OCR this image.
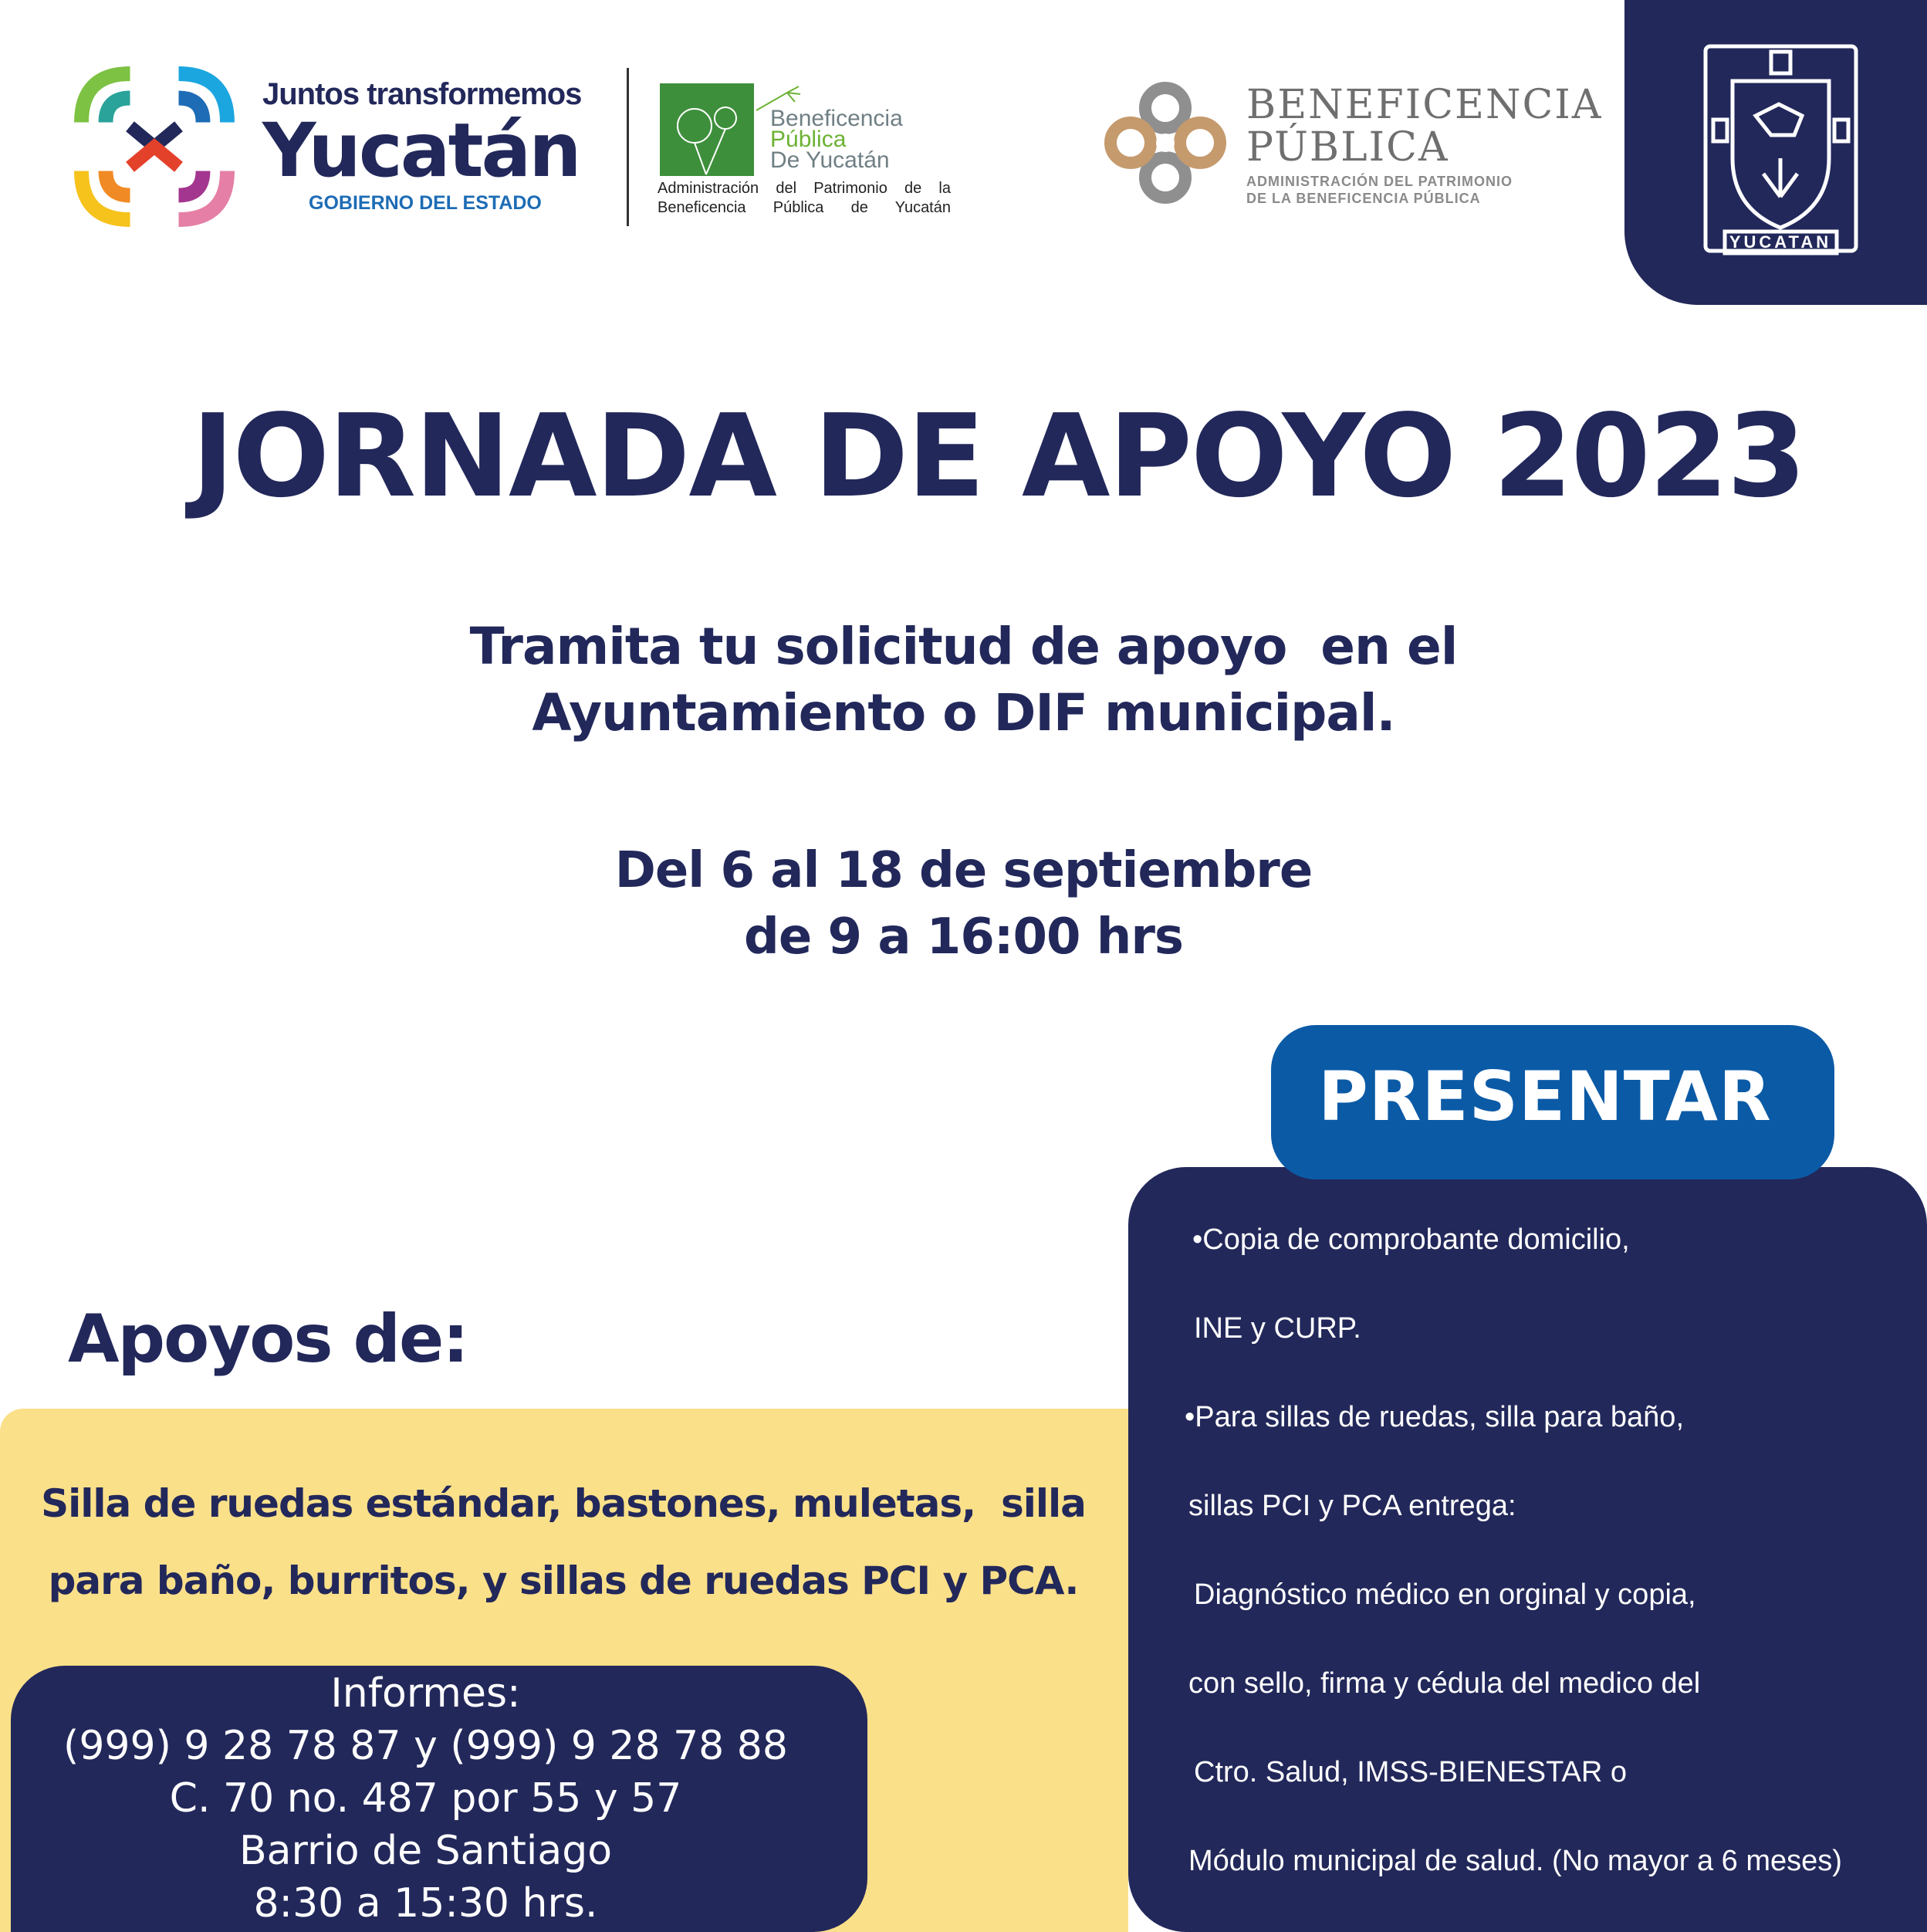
Juntos transformemos
Yucatán
GOBIERNO DEL ESTADO
Beneficencia
Pública
De Yucatán
Administración del Patrimonio de la
Beneficencia Pública de Yucatán
BENEFICENCIA
PÚBLICA
ADMINISTRACIÓN DEL PATRIMONIO
DE LA BENEFICENCIA PÚBLICA
YUCATAN
JORNADA DE APOYO 2023
Tramita tu solicitud de apoyo  en el
Ayuntamiento o DIF municipal.
Del 6 al 18 de septiembre
de 9 a 16:00 hrs
PRESENTAR
•Copia de comprobante domicilio,
INE y CURP.
•Para sillas de ruedas, silla para baño,
sillas PCI y PCA entrega:
Diagnóstico médico en orginal y copia,
con sello, firma y cédula del medico del
Ctro. Salud, IMSS-BIENESTAR o
Módulo municipal de salud. (No mayor a 6 meses)
Apoyos de:
Silla de ruedas estándar, bastones, muletas,  silla
para baño, burritos, y sillas de ruedas PCI y PCA.
Informes:
(999) 9 28 78 87 y (999) 9 28 78 88
C. 70 no. 487 por 55 y 57
Barrio de Santiago
8:30 a 15:30 hrs.
